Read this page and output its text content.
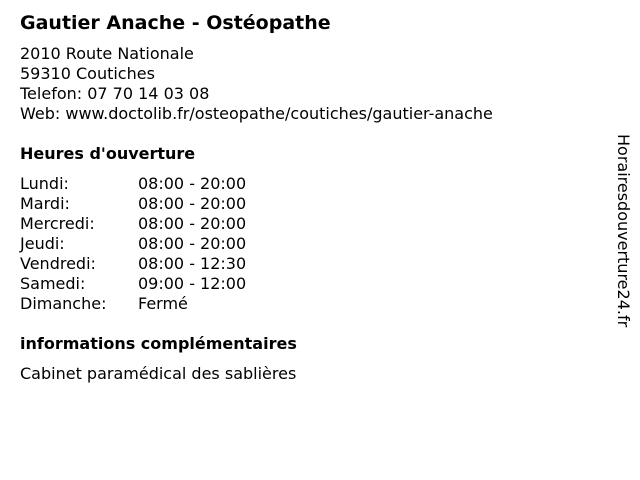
Gautier Anache - Ostéopathe
2010 Route Nationale
59310 Coutiches
Telefon: 07 70 14 03 08
Web: www.doctolib.fr/osteopathe/coutiches/gautier-anache
Heures d'ouverture
Lundi:	08:00 - 20:00
Mardi:	08:00 - 20:00
Mercredi:	08:00 - 20:00
Jeudi:	08:00 - 20:00
Vendredi:	08:00 - 12:30
Samedi:	09:00 - 12:00
Dimanche:	Fermé
informations complémentaires
Cabinet paramédical des sablières
Horairesdouverture24.fr
